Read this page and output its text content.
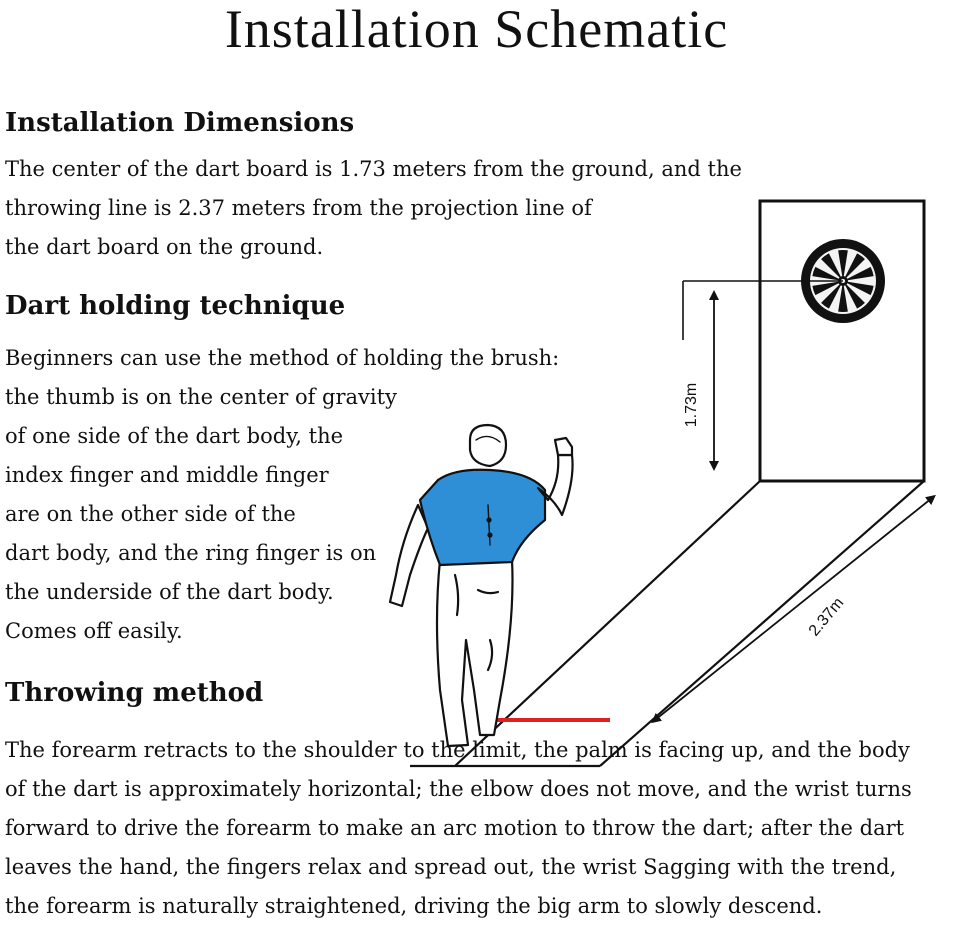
Installation Schematic
Installation Dimensions
The center of the dart board is 1.73 meters from the ground, and the
throwing line is 2.37 meters from the projection line of
the dart board on the ground.
Dart holding technique
Beginners can use the method of holding the brush:
the thumb is on the center of gravity
of one side of the dart body, the
index finger and middle finger
are on the other side of the
dart body, and the ring finger is on
the underside of the dart body.
Comes off easily.
Throwing method
The forearm retracts to the shoulder to the limit, the palm is facing up, and the body
of the dart is approximately horizontal; the elbow does not move, and the wrist turns
forward to drive the forearm to make an arc motion to throw the dart; after the dart
leaves the hand, the fingers relax and spread out, the wrist Sagging with the trend,
the forearm is naturally straightened, driving the big arm to slowly descend.
1.73m
2.37m
